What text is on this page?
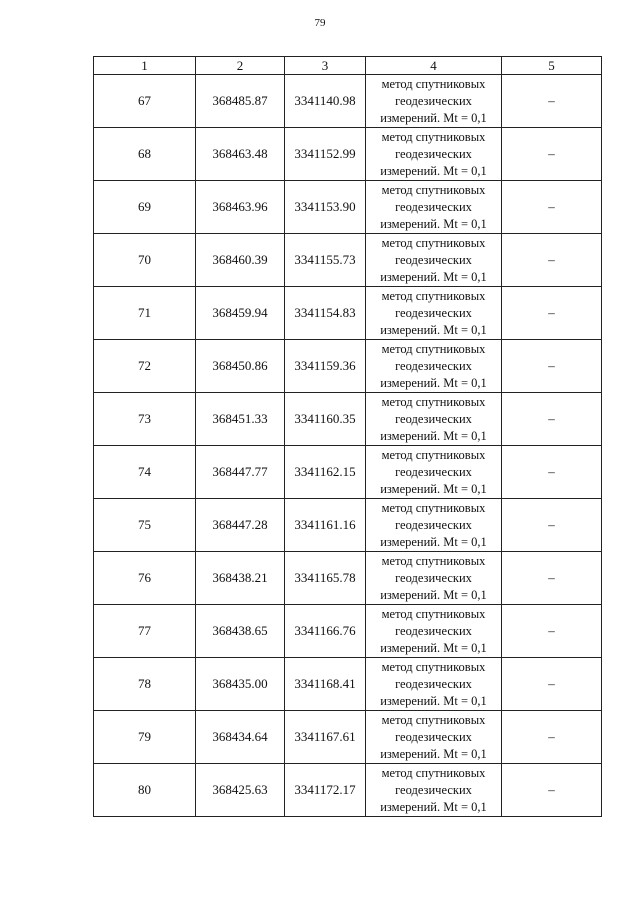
79
1	2	3	4	5
67	368485.87	3341140.98	метод спутниковых
геодезических
измерений. Mt = 0,1	–
68	368463.48	3341152.99	метод спутниковых
геодезических
измерений. Mt = 0,1	–
69	368463.96	3341153.90	метод спутниковых
геодезических
измерений. Mt = 0,1	–
70	368460.39	3341155.73	метод спутниковых
геодезических
измерений. Mt = 0,1	–
71	368459.94	3341154.83	метод спутниковых
геодезических
измерений. Mt = 0,1	–
72	368450.86	3341159.36	метод спутниковых
геодезических
измерений. Mt = 0,1	–
73	368451.33	3341160.35	метод спутниковых
геодезических
измерений. Mt = 0,1	–
74	368447.77	3341162.15	метод спутниковых
геодезических
измерений. Mt = 0,1	–
75	368447.28	3341161.16	метод спутниковых
геодезических
измерений. Mt = 0,1	–
76	368438.21	3341165.78	метод спутниковых
геодезических
измерений. Mt = 0,1	–
77	368438.65	3341166.76	метод спутниковых
геодезических
измерений. Mt = 0,1	–
78	368435.00	3341168.41	метод спутниковых
геодезических
измерений. Mt = 0,1	–
79	368434.64	3341167.61	метод спутниковых
геодезических
измерений. Mt = 0,1	–
80	368425.63	3341172.17	метод спутниковых
геодезических
измерений. Mt = 0,1	–
